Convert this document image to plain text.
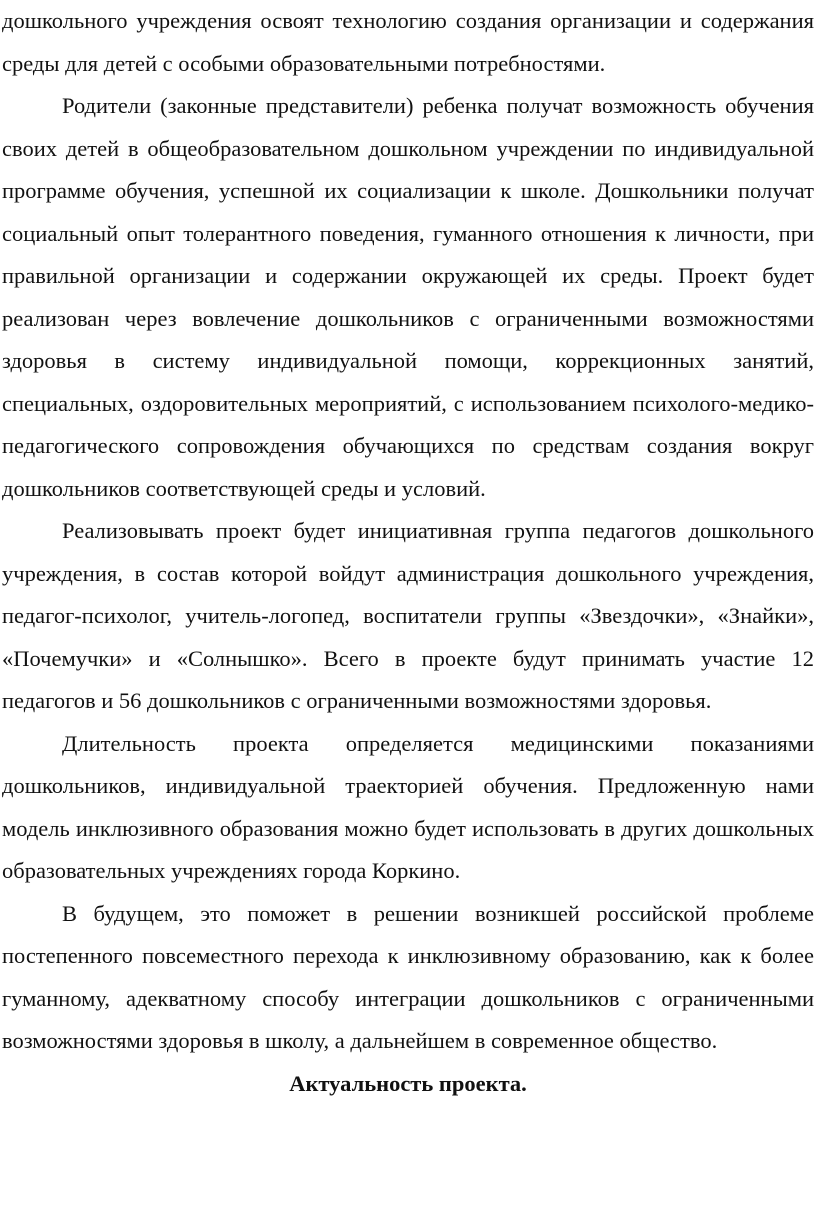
дошкольного учреждения освоят технологию создания организации и содержания среды для детей с особыми образовательными потребностями.

Родители (законные представители) ребенка получат возможность обучения своих детей в общеобразовательном дошкольном учреждении по индивидуальной программе обучения, успешной их социализации к школе. Дошкольники получат социальный опыт толерантного поведения, гуманного отношения к личности, при правильной организации и содержании окружающей их среды. Проект будет реализован через вовлечение дошкольников с ограниченными возможностями здоровья в систему индивидуальной помощи, коррекционных занятий, специальных, оздоровительных мероприятий, с использованием психолого-медико-педагогического сопровождения обучающихся по средствам создания вокруг дошкольников соответствующей среды и условий.

Реализовывать проект будет инициативная группа педагогов дошкольного учреждения, в состав которой войдут администрация дошкольного учреждения, педагог-психолог, учитель-логопед, воспитатели группы «Звездочки», «Знайки», «Почемучки» и «Солнышко». Всего в проекте будут принимать участие 12 педагогов и 56 дошкольников с ограниченными возможностями здоровья.

Длительность проекта определяется медицинскими показаниями дошкольников, индивидуальной траекторией обучения. Предложенную нами модель инклюзивного образования можно будет использовать в других дошкольных образовательных учреждениях города Коркино.

В будущем, это поможет в решении возникшей российской проблеме постепенного повсеместного перехода к инклюзивному образованию, как к более гуманному, адекватному способу интеграции дошкольников с ограниченными возможностями здоровья в школу, а дальнейшем в современное общество.

Актуальность проекта.
